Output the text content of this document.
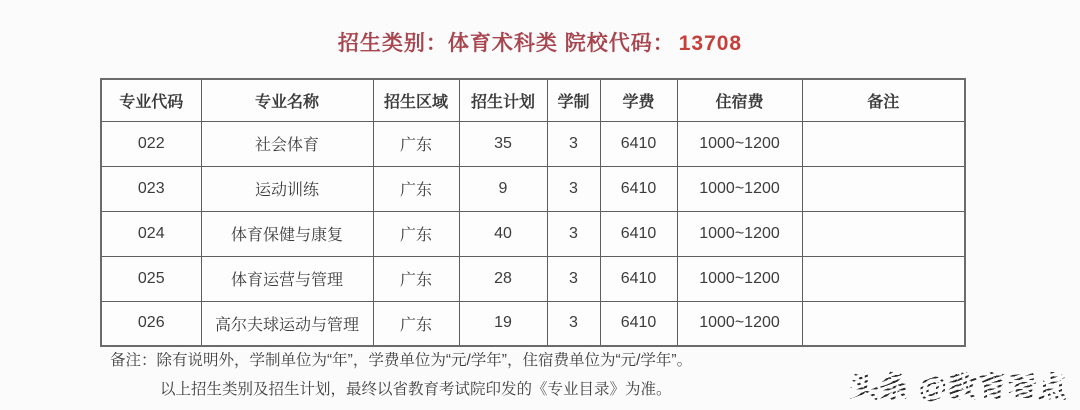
招生类别：体育术科类 院校代码： 13708
专业代码	专业名称	招生区域	招生计划	学制	学费	住宿费	备注
022	社会体育	广东	35	3	6410	1000~1200	
023	运动训练	广东	9	3	6410	1000~1200	
024	体育保健与康复	广东	40	3	6410	1000~1200	
025	体育运营与管理	广东	28	3	6410	1000~1200	
026	高尔夫球运动与管理	广东	19	3	6410	1000~1200	
备注：除有说明外，学制单位为“年”，学费单位为“元/学年”，住宿费单位为“元/学年”。
以上招生类别及招生计划，最终以省教育考试院印发的《专业目录》为准。	头条 @教育看点
